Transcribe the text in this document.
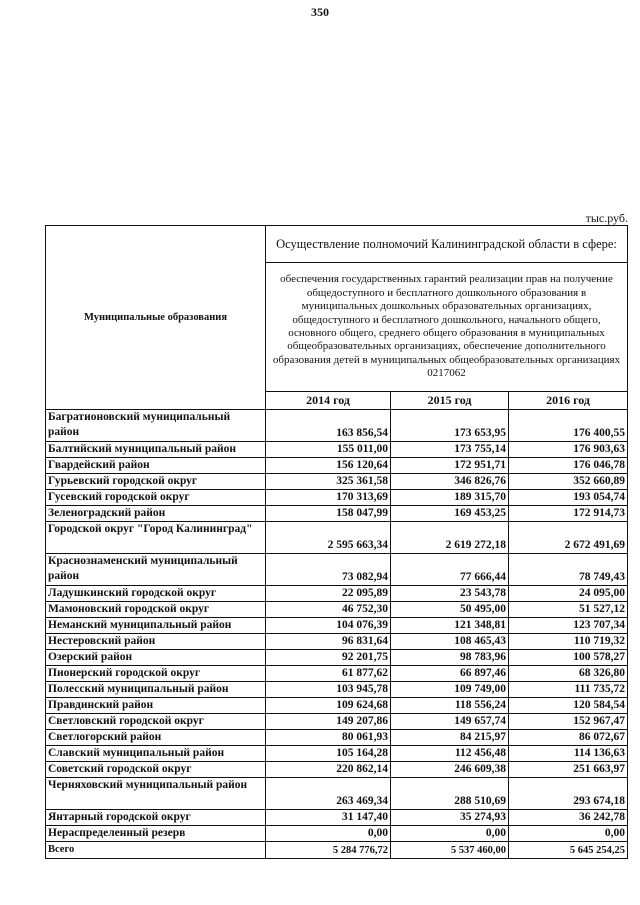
350
тыс.руб.
Муниципальные образования	Осуществление полномочий Калининградской области в сфере:		
	обеспечения государственных гарантий реализации прав на получение общедоступного и бесплатного дошкольного образования в муниципальных дошкольных образовательных организациях, общедоступного и бесплатного дошкольного, начального общего, основного общего, среднего общего образования в муниципальных общеобразовательных организациях, обеспечение дополнительного образования детей в муниципальных общеобразовательных организациях 0217062		
	2014 год	2015 год	2016 год
Багратионовский муниципальный район	163 856,54	173 653,95	176 400,55
Балтийский муниципальный район	155 011,00	173 755,14	176 903,63
Гвардейский район	156 120,64	172 951,71	176 046,78
Гурьевский городской округ	325 361,58	346 826,76	352 660,89
Гусевский городской округ	170 313,69	189 315,70	193 054,74
Зеленоградский район	158 047,99	169 453,25	172 914,73
Городской округ "Город Калининград"	2 595 663,34	2 619 272,18	2 672 491,69
Краснознаменский муниципальный район	73 082,94	77 666,44	78 749,43
Ладушкинский городской округ	22 095,89	23 543,78	24 095,00
Мамоновский городской округ	46 752,30	50 495,00	51 527,12
Неманский муниципальный район	104 076,39	121 348,81	123 707,34
Нестеровский район	96 831,64	108 465,43	110 719,32
Озерский район	92 201,75	98 783,96	100 578,27
Пионерский городской округ	61 877,62	66 897,46	68 326,80
Полесский муниципальный район	103 945,78	109 749,00	111 735,72
Правдинский район	109 624,68	118 556,24	120 584,54
Светловский городской округ	149 207,86	149 657,74	152 967,47
Светлогорский район	80 061,93	84 215,97	86 072,67
Славский муниципальный район	105 164,28	112 456,48	114 136,63
Советский городской округ	220 862,14	246 609,38	251 663,97
Черняховский муниципальный район	263 469,34	288 510,69	293 674,18
Янтарный городской округ	31 147,40	35 274,93	36 242,78
Нераспределенный резерв	0,00	0,00	0,00
Всего	5 284 776,72	5 537 460,00	5 645 254,25
